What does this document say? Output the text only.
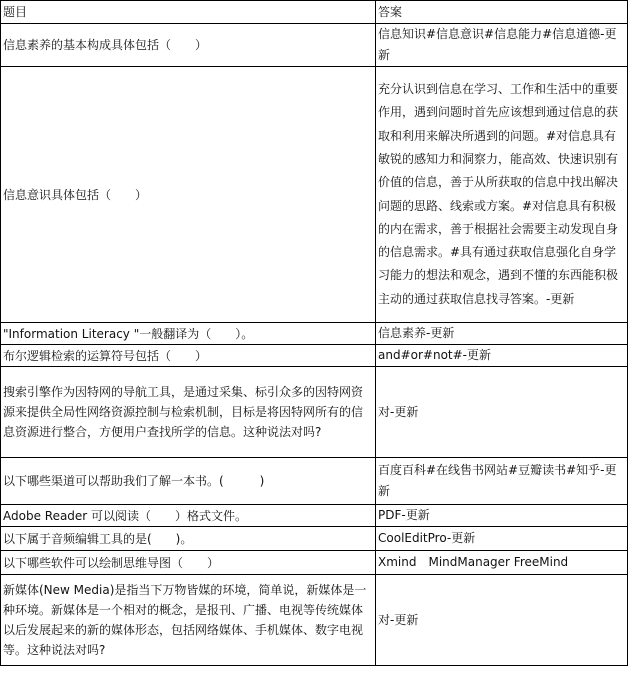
题目	答案
信息素养的基本构成具体包括（　　）	信息知识#信息意识#信息能力#信息道德-更新
信息意识具体包括（　　）	充分认识到信息在学习、工作和生活中的重要作用，遇到问题时首先应该想到通过信息的获取和利用来解决所遇到的问题。#对信息具有敏锐的感知力和洞察力，能高效、快速识别有价值的信息，善于从所获取的信息中找出解决问题的思路、线索或方案。#对信息具有积极的内在需求，善于根据社会需要主动发现自身的信息需求。#具有通过获取信息强化自身学习能力的想法和观念，遇到不懂的东西能积极主动的通过获取信息找寻答案。-更新
"Information Literacy "一般翻译为（　　）。	信息素养-更新
布尔逻辑检索的运算符号包括（　　）	and#or#not#-更新
搜索引擎作为因特网的导航工具，是通过采集、标引众多的因特网资源来提供全局性网络资源控制与检索机制，目标是将因特网所有的信息资源进行整合，方便用户查找所学的信息。这种说法对吗?	对-更新
以下哪些渠道可以帮助我们了解一本书。(　　　)	百度百科#在线售书网站#豆瓣读书#知乎-更新
Adobe Reader 可以阅读（　　）格式文件。	PDF-更新
以下属于音频编辑工具的是(　　)。	CoolEditPro-更新
以下哪些软件可以绘制思维导图（　　）	Xmind　MindManager FreeMind
新媒体(New Media)是指当下万物皆媒的环境，简单说，新媒体是一种环境。新媒体是一个相对的概念，是报刊、广播、电视等传统媒体以后发展起来的新的媒体形态，包括网络媒体、手机媒体、数字电视等。这种说法对吗?	对-更新
